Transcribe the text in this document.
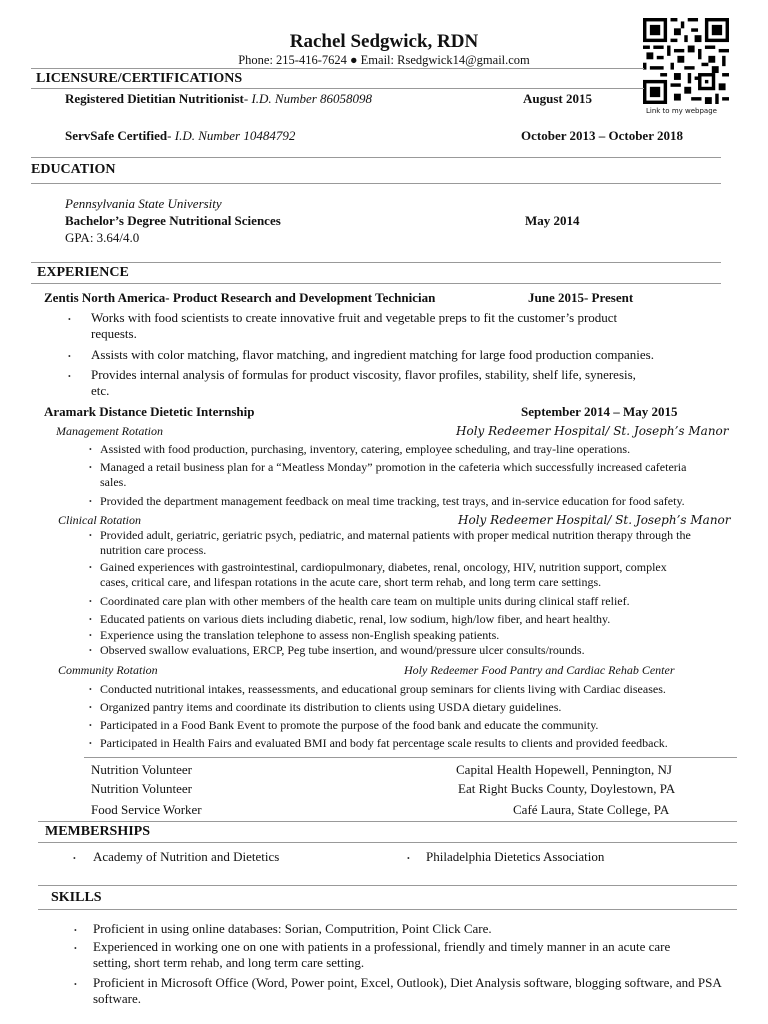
Rachel Sedgwick, RDN
Phone: 215-416-7624 ● Email: Rsedgwick14@gmail.com
Link to my webpage
LICENSURE/CERTIFICATIONS
Registered Dietitian Nutritionist- I.D. Number 86058098	August 2015
ServSafe Certified- I.D. Number 10484792	October 2013 – October 2018
EDUCATION
Pennsylvania State University
Bachelor’s Degree Nutritional Sciences	May 2014
GPA: 3.64/4.0
EXPERIENCE
Zentis North America- Product Research and Development Technician	June 2015- Present
• Works with food scientists to create innovative fruit and vegetable preps to fit the customer’s product
requests.
• Assists with color matching, flavor matching, and ingredient matching for large food production companies.
• Provides internal analysis of formulas for product viscosity, flavor profiles, stability, shelf life, syneresis,
etc.
Aramark Distance Dietetic Internship	September 2014 – May 2015
Management Rotation	Holy Redeemer Hospital/ St. Joseph’s Manor
• Assisted with food production, purchasing, inventory, catering, employee scheduling, and tray-line operations.
• Managed a retail business plan for a “Meatless Monday” promotion in the cafeteria which successfully increased cafeteria
sales.
• Provided the department management feedback on meal time tracking, test trays, and in-service education for food safety.
Clinical Rotation	Holy Redeemer Hospital/ St. Joseph’s Manor
• Provided adult, geriatric, geriatric psych, pediatric, and maternal patients with proper medical nutrition therapy through the
nutrition care process.
• Gained experiences with gastrointestinal, cardiopulmonary, diabetes, renal, oncology, HIV, nutrition support, complex
cases, critical care, and lifespan rotations in the acute care, short term rehab, and long term care settings.
• Coordinated care plan with other members of the health care team on multiple units during clinical staff relief.
• Educated patients on various diets including diabetic, renal, low sodium, high/low fiber, and heart healthy.
• Experience using the translation telephone to assess non-English speaking patients.
• Observed swallow evaluations, ERCP, Peg tube insertion, and wound/pressure ulcer consults/rounds.
Community Rotation	Holy Redeemer Food Pantry and Cardiac Rehab Center
• Conducted nutritional intakes, reassessments, and educational group seminars for clients living with Cardiac diseases.
• Organized pantry items and coordinate its distribution to clients using USDA dietary guidelines.
• Participated in a Food Bank Event to promote the purpose of the food bank and educate the community.
• Participated in Health Fairs and evaluated BMI and body fat percentage scale results to clients and provided feedback.
Nutrition Volunteer	Capital Health Hopewell, Pennington, NJ
Nutrition Volunteer	Eat Right Bucks County, Doylestown, PA
Food Service Worker	Café Laura, State College, PA
MEMBERSHIPS
• Academy of Nutrition and Dietetics	• Philadelphia Dietetics Association
SKILLS
• Proficient in using online databases: Sorian, Computrition, Point Click Care.
• Experienced in working one on one with patients in a professional, friendly and timely manner in an acute care
setting, short term rehab, and long term care setting.
• Proficient in Microsoft Office (Word, Power point, Excel, Outlook), Diet Analysis software, blogging software, and PSA
software.
